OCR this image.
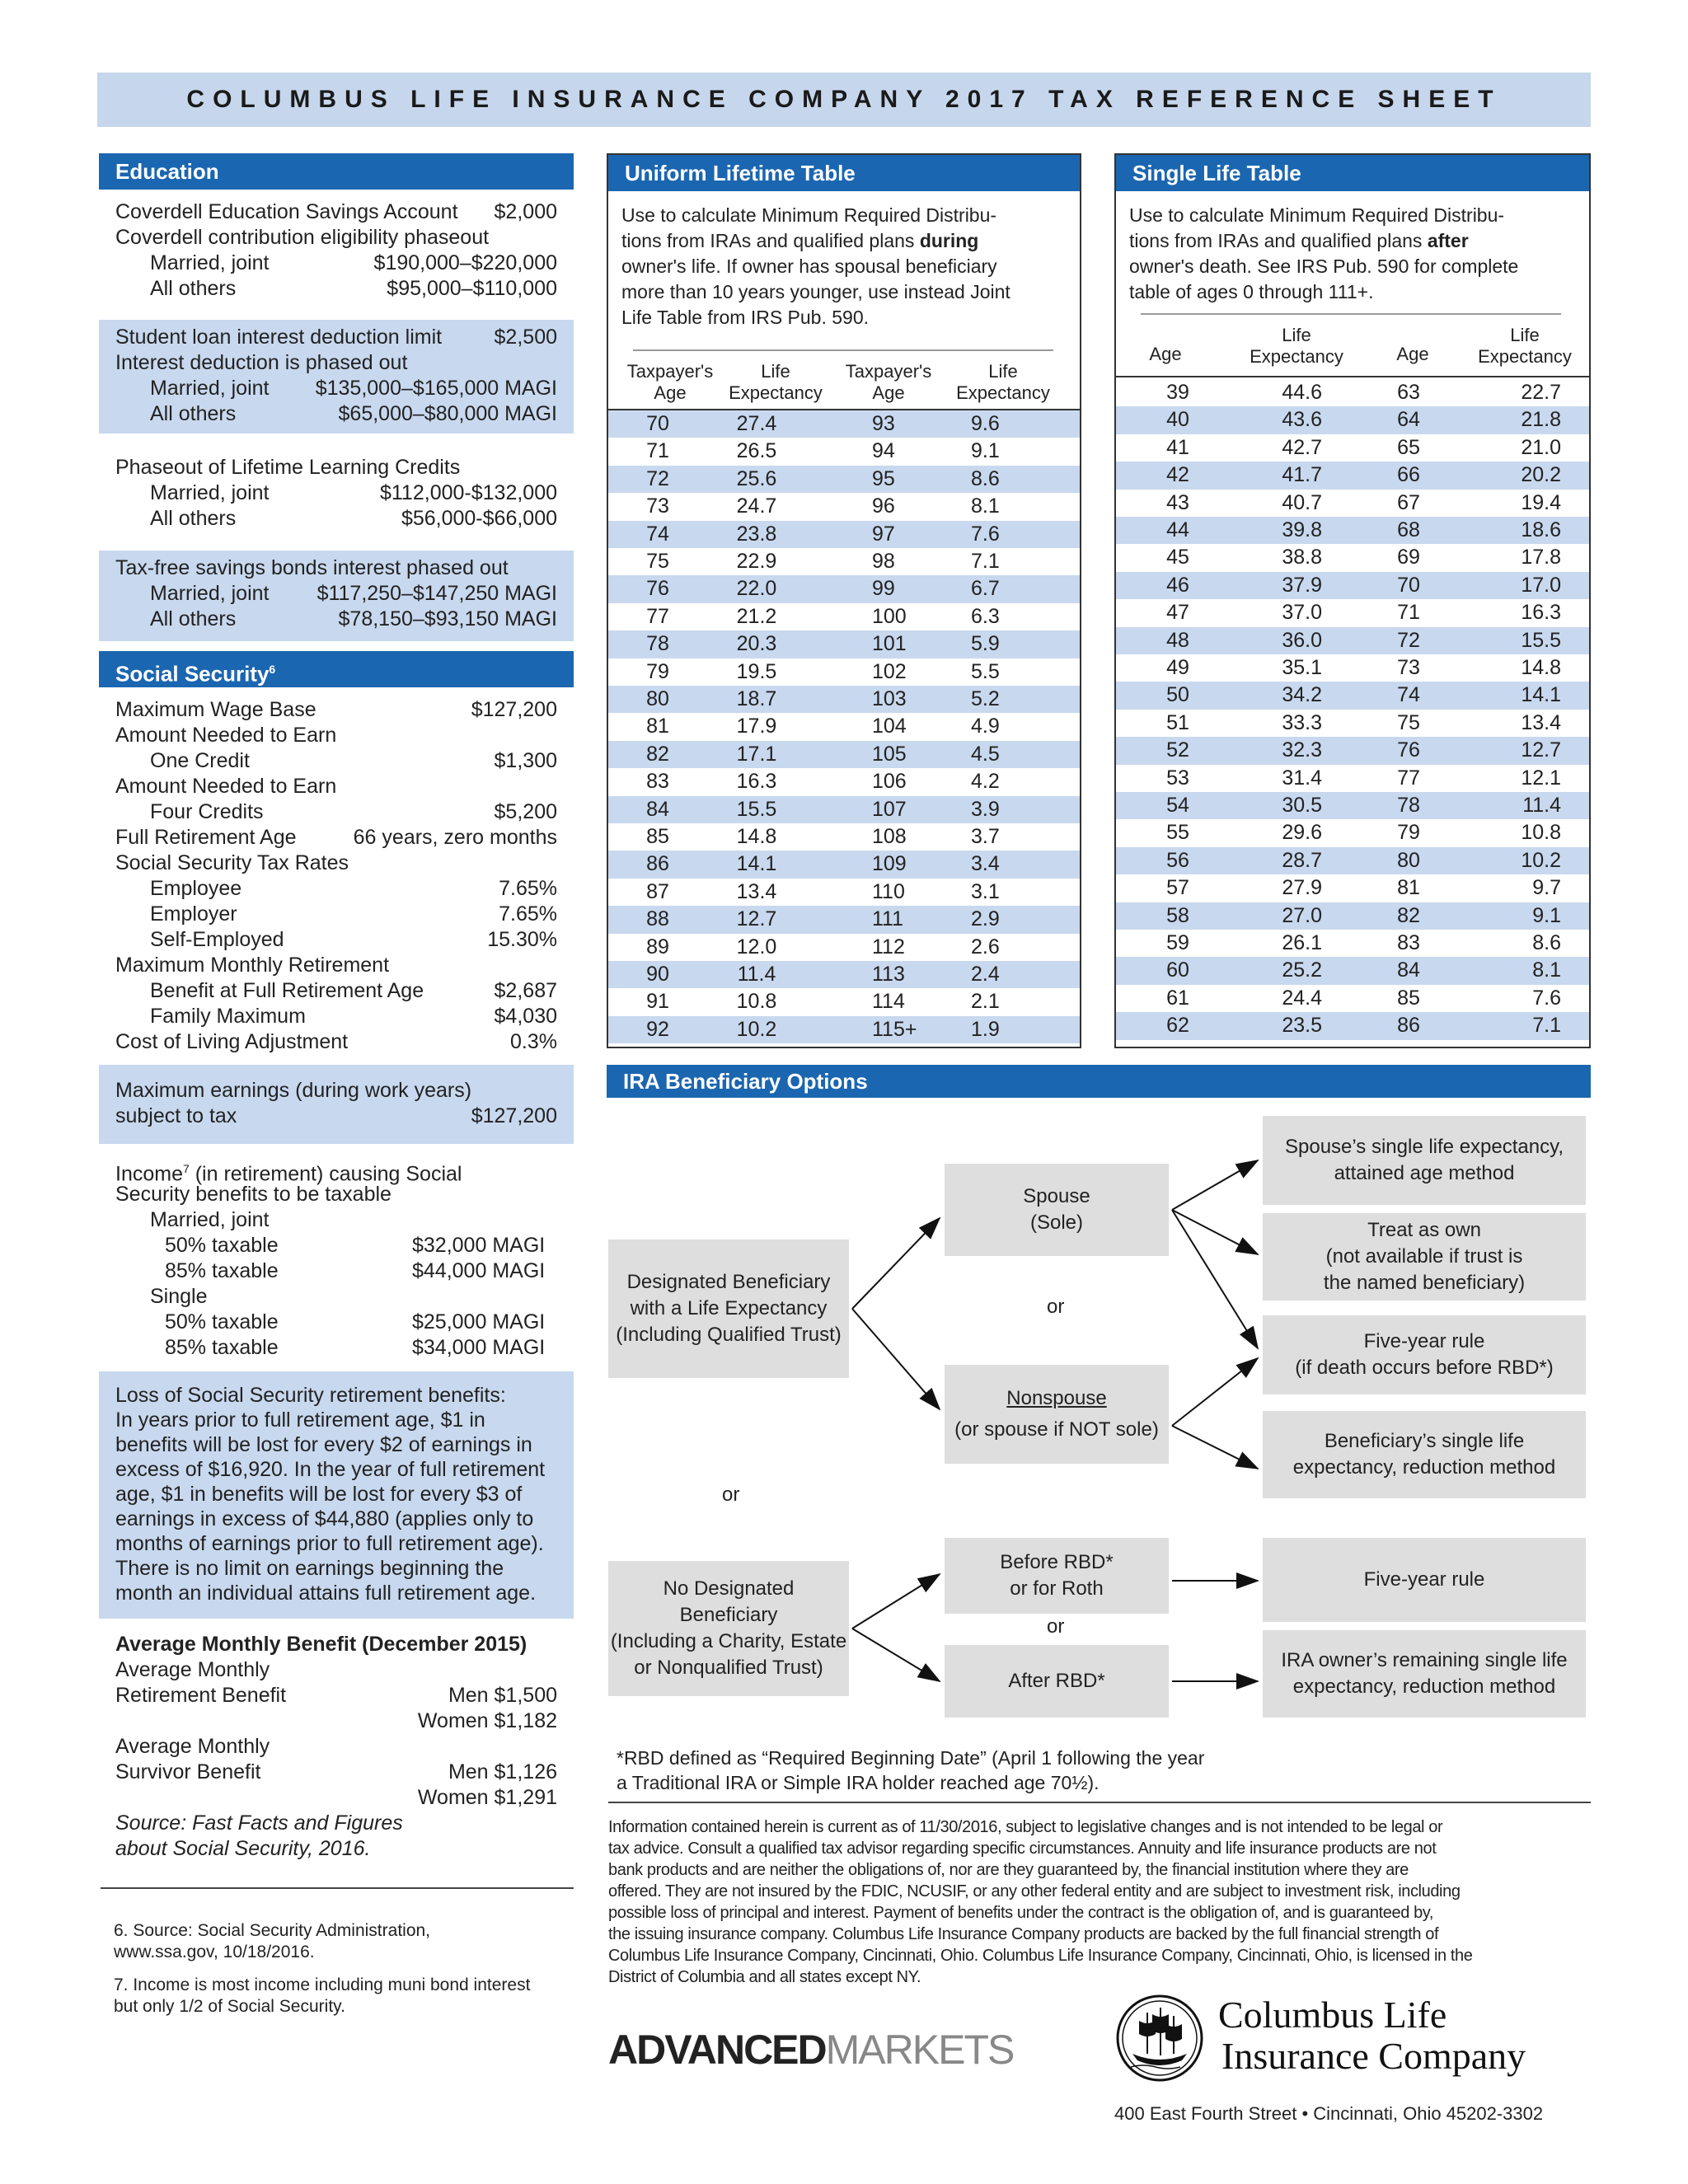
COLUMBUS LIFE INSURANCE COMPANY 2017 TAX REFERENCE SHEET
Education
Coverdell Education Savings Account $2,000
Coverdell contribution eligibility phaseout
Married, joint	$190,000–$220,000
All others	$95,000–$110,000
Student loan interest deduction limit	$2,500
Interest deduction is phased out
Married, joint $135,000–$165,000 MAGI
All others	$65,000–$80,000 MAGI
Phaseout of Lifetime Learning Credits
Married, joint	$112,000-$132,000
All others	$56,000-$66,000
Tax-free savings bonds interest phased out
Married, joint $117,250–$147,250 MAGI
All others	$78,150–$93,150 MAGI
Social Security$^6$
Maximum Wage Base	$127,200
Amount Needed to Earn
One Credit	$1,300
Amount Needed to Earn
Four Credits	$5,200
Full Retirement Age	66 years, zero months
Social Security Tax Rates
Employee	7.65%
Employer	7.65%
Self-Employed	15.30%
Maximum Monthly Retirement
Benefit at Full Retirement Age	$2,687
Family Maximum	$4,030
Cost of Living Adjustment	0.3%
Maximum earnings (during work years)
subject to tax	$127,200
Income$^7$ (in retirement) causing Social
Security benefits to be taxable
Married, joint
50% taxable	$32,000 MAGI
85% taxable	$44,000 MAGI
Single
50% taxable	$25,000 MAGI
85% taxable	$34,000 MAGI
Loss of Social Security retirement benefits:
In years prior to full retirement age, $1 in
benefits will be lost for every $2 of earnings in
excess of $16,920. In the year of full retirement
age, $1 in benefits will be lost for every $3 of
earnings in excess of $44,880 (applies only to
months of earnings prior to full retirement age).
There is no limit on earnings beginning the
month an individual attains full retirement age.
Average Monthly Benefit (December 2015)
Average Monthly
Retirement Benefit	Men $1,500
Women $1,182
Average Monthly
Survivor Benefit	Men $1,126
Women $1,291
Source: Fast Facts and Figures
about Social Security, 2016.
6. Source: Social Security Administration,
www.ssa.gov, 10/18/2016.
7. Income is most income including muni bond interest
but only 1/2 of Social Security.
Uniform Lifetime Table
Use to calculate Minimum Required Distribu-
tions from IRAs and qualified plans during
owner's life. If owner has spousal beneficiary
more than 10 years younger, use instead Joint
Life Table from IRS Pub. 590.
Taxpayer's
Age
Life
Expectancy
Taxpayer's
Age
Life
Expectancy
70	27.4	93	9.6
71	26.5	94	9.1
72	25.6	95	8.6
73	24.7	96	8.1
74	23.8	97	7.6
75	22.9	98	7.1
76	22.0	99	6.7
77	21.2	100	6.3
78	20.3	101	5.9
79	19.5	102	5.5
80	18.7	103	5.2
81	17.9	104	4.9
82	17.1	105	4.5
83	16.3	106	4.2
84	15.5	107	3.9
85	14.8	108	3.7
86	14.1	109	3.4
87	13.4	110	3.1
88	12.7	111	2.9
89	12.0	112	2.6
90	11.4	113	2.4
91	10.8	114	2.1
92	10.2	115+	1.9
Single Life Table
Use to calculate Minimum Required Distribu-
tions from IRAs and qualified plans after
owner's death. See IRS Pub. 590 for complete
table of ages 0 through 111+.
Age
Life
Expectancy	Age
Life
Expectancy
39	44.6	63	22.7
40	43.6	64	21.8
41	42.7	65	21.0
42	41.7	66	20.2
43	40.7	67	19.4
44	39.8	68	18.6
45	38.8	69	17.8
46	37.9	70	17.0
47	37.0	71	16.3
48	36.0	72	15.5
49	35.1	73	14.8
50	34.2	74	14.1
51	33.3	75	13.4
52	32.3	76	12.7
53	31.4	77	12.1
54	30.5	78	11.4
55	29.6	79	10.8
56	28.7	80	10.2
57	27.9	81	9.7
58	27.0	82	9.1
59	26.1	83	8.6
60	25.2	84	8.1
61	24.4	85	7.6
62	23.5	86	7.1
IRA Beneficiary Options
Designated Beneficiary
with a Life Expectancy
(Including Qualified Trust)
Spouse
(Sole)
or
Nonspouse
(or spouse if NOT sole)
Spouse’s single life expectancy,
attained age method
Treat as own
(not available if trust is
the named beneficiary)
Five-year rule
(if death occurs before RBD*)
Beneficiary’s single life
expectancy, reduction method
or
No Designated
Beneficiary
(Including a Charity, Estate
or Nonqualified Trust)
Before RBD*
or for Roth
or
After RBD*
Five-year rule
IRA owner’s remaining single life
expectancy, reduction method
*RBD defined as “Required Beginning Date” (April 1 following the year
a Traditional IRA or Simple IRA holder reached age 70½).
Information contained herein is current as of 11/30/2016, subject to legislative changes and is not intended to be legal or
tax advice. Consult a qualified tax advisor regarding specific circumstances. Annuity and life insurance products are not
bank products and are neither the obligations of, nor are they guaranteed by, the financial institution where they are
offered. They are not insured by the FDIC, NCUSIF, or any other federal entity and are subject to investment risk, including
possible loss of principal and interest. Payment of benefits under the contract is the obligation of, and is guaranteed by,
the issuing insurance company. Columbus Life Insurance Company products are backed by the full financial strength of
Columbus Life Insurance Company, Cincinnati, Ohio. Columbus Life Insurance Company, Cincinnati, Ohio, is licensed in the
District of Columbia and all states except NY.
ADVANCEDMARKETS
Columbus Life
Insurance Company
400 East Fourth Street • Cincinnati, Ohio 45202-3302
